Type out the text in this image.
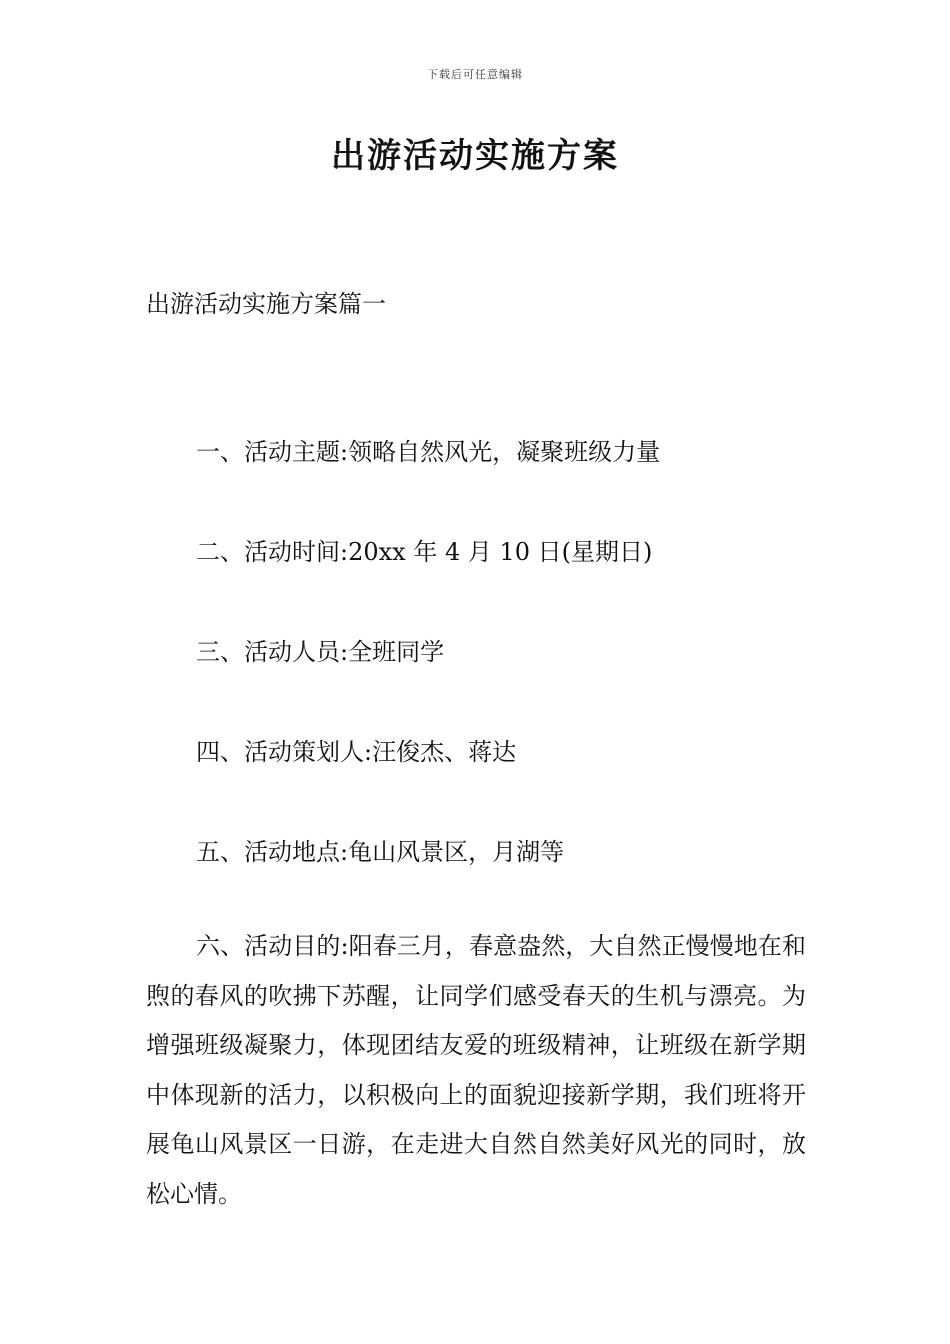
下载后可任意编辑
出游活动实施方案
出游活动实施方案篇一
一、活动主题:领略自然风光，凝聚班级力量
二、活动时间:20xx 年 4 月 10 日(星期日)
三、活动人员:全班同学
四、活动策划人:汪俊杰、蒋达
五、活动地点:龟山风景区，月湖等
六、活动目的:阳春三月，春意盎然，大自然正慢慢地在和煦的春风的吹拂下苏醒，让同学们感受春天的生机与漂亮。为增强班级凝聚力，体现团结友爱的班级精神，让班级在新学期中体现新的活力，以积极向上的面貌迎接新学期，我们班将开展龟山风景区一日游，在走进大自然自然美好风光的同时，放松心情。
